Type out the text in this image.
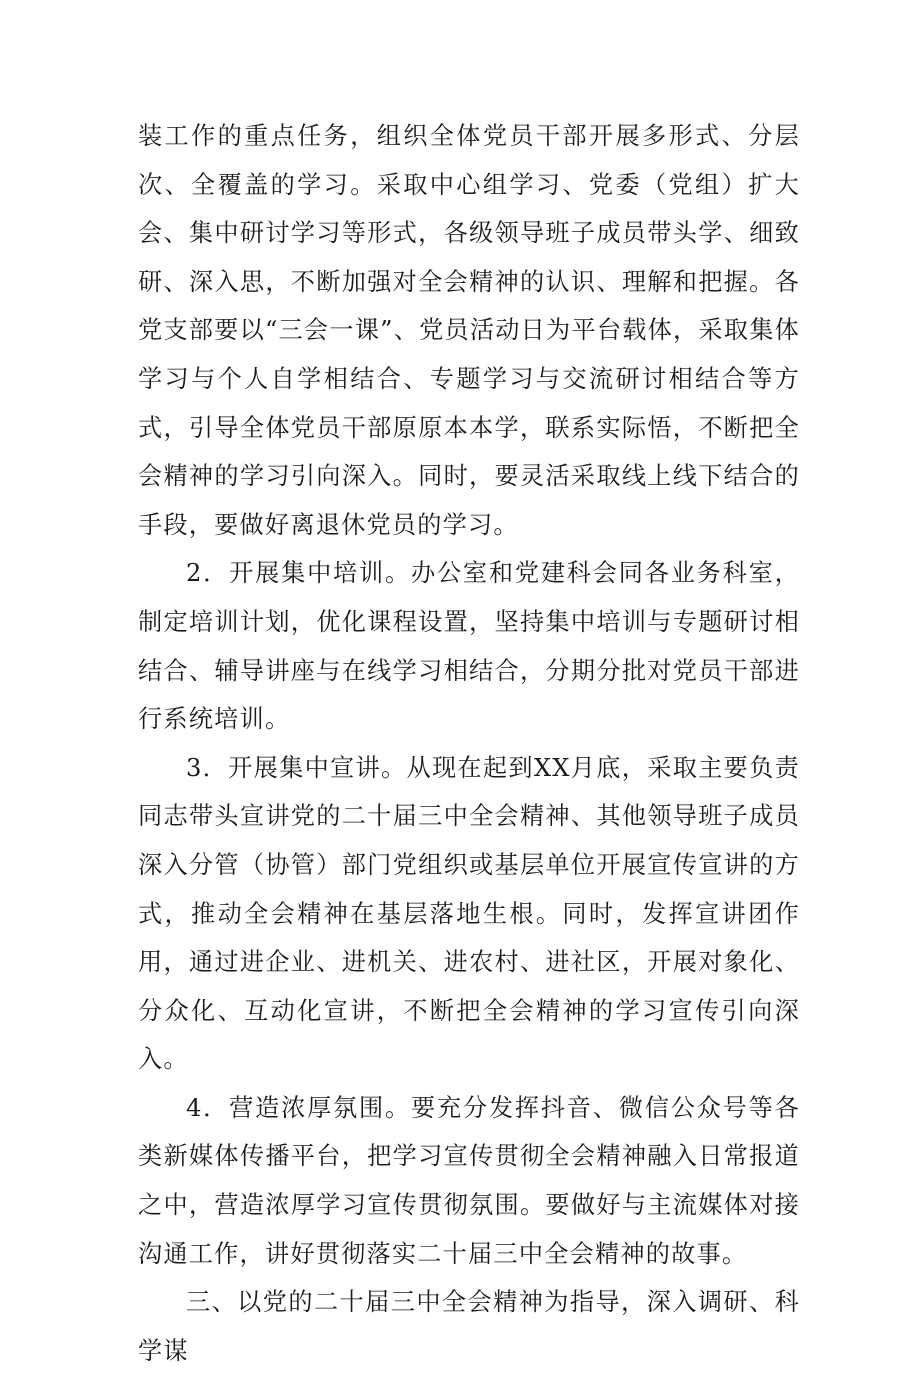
装工作的重点任务，组织全体党员干部开展多形式、分层次、全覆盖的学习。采取中心组学习、党委（党组）扩大会、集中研讨学习等形式，各级领导班子成员带头学、细致研、深入思，不断加强对全会精神的认识、理解和把握。各党支部要以“三会一课”、党员活动日为平台载体，采取集体学习与个人自学相结合、专题学习与交流研讨相结合等方式，引导全体党员干部原原本本学，联系实际悟，不断把全会精神的学习引向深入。同时，要灵活采取线上线下结合的手段，要做好离退休党员的学习。

2．开展集中培训。办公室和党建科会同各业务科室，制定培训计划，优化课程设置，坚持集中培训与专题研讨相结合、辅导讲座与在线学习相结合，分期分批对党员干部进行系统培训。

3．开展集中宣讲。从现在起到XX月底，采取主要负责同志带头宣讲党的二十届三中全会精神、其他领导班子成员深入分管（协管）部门党组织或基层单位开展宣传宣讲的方式，推动全会精神在基层落地生根。同时，发挥宣讲团作用，通过进企业、进机关、进农村、进社区，开展对象化、分众化、互动化宣讲，不断把全会精神的学习宣传引向深入。

4．营造浓厚氛围。要充分发挥抖音、微信公众号等各类新媒体传播平台，把学习宣传贯彻全会精神融入日常报道之中，营造浓厚学习宣传贯彻氛围。要做好与主流媒体对接沟通工作，讲好贯彻落实二十届三中全会精神的故事。

三、以党的二十届三中全会精神为指导，深入调研、科学谋
